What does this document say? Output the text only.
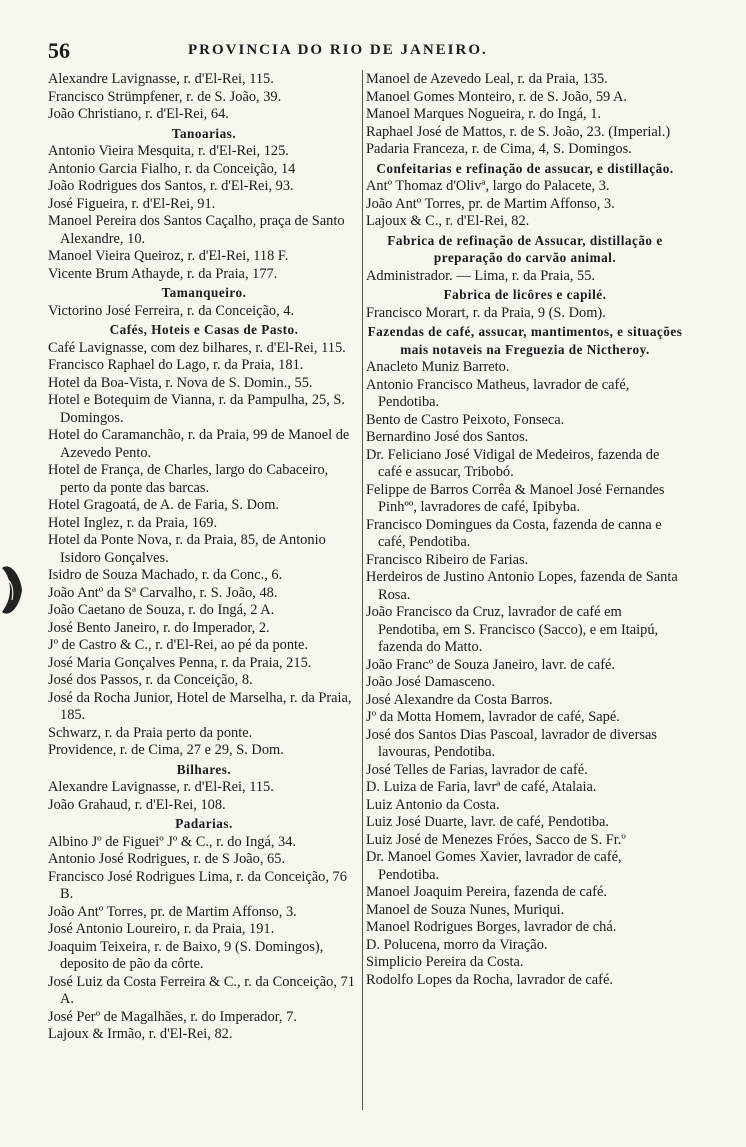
56	PROVINCIA DO RIO DE JANEIRO.
Alexandre Lavignasse, r. d'El-Rei, 115.
Francisco Strümpfener, r. de S. João, 39.
João Christiano, r. d'El-Rei, 64.
Tanoarias.
Antonio Vieira Mesquita, r. d'El-Rei, 125.
Antonio Garcia Fialho, r. da Conceição, 14
João Rodrigues dos Santos, r. d'El-Rei, 93.
José Figueira, r. d'El-Rei, 91.
Manoel Pereira dos Santos Caçalho, praça de Santo Alexandre, 10.
Manoel Vieira Queiroz, r. d'El-Rei, 118 F.
Vicente Brum Athayde, r. da Praia, 177.
Tamanqueiro.
Victorino José Ferreira, r. da Conceição, 4.
Cafés, Hoteis e Casas de Pasto.
Café Lavignasse, com dez bilhares, r. d'El-Rei, 115.
Francisco Raphael do Lago, r. da Praia, 181.
Hotel da Boa-Vista, r. Nova de S. Domin., 55.
Hotel e Botequim de Vianna, r. da Pampulha, 25, S. Domingos.
Hotel do Caramanchão, r. da Praia, 99 de Manoel de Azevedo Pento.
Hotel de França, de Charles, largo do Cabaceiro, perto da ponte das barcas.
Hotel Gragoatá, de A. de Faria, S. Dom.
Hotel Inglez, r. da Praia, 169.
Hotel da Ponte Nova, r. da Praia, 85, de Antonio Isidoro Gonçalves.
Isidro de Souza Machado, r. da Conc., 6.
João Antº da Sª Carvalho, r. S. João, 48.
João Caetano de Souza, r. do Ingá, 2 A.
José Bento Janeiro, r. do Imperador, 2.
Jº de Castro & C., r. d'El-Rei, ao pé da ponte.
José Maria Gonçalves Penna, r. da Praia, 215.
José dos Passos, r. da Conceição, 8.
José da Rocha Junior, Hotel de Marselha, r. da Praia, 185.
Schwarz, r. da Praia perto da ponte.
Providence, r. de Cima, 27 e 29, S. Dom.
Bilhares.
Alexandre Lavignasse, r. d'El-Rei, 115.
João Grahaud, r. d'El-Rei, 108.
Padarias.
Albino Jº de Figueiº Jº & C., r. do Ingá, 34.
Antonio José Rodrigues, r. de S João, 65.
Francisco José Rodrigues Lima, r. da Conceição, 76 B.
João Antº Torres, pr. de Martim Affonso, 3.
José Antonio Loureiro, r. da Praia, 191.
Joaquim Teixeira, r. de Baixo, 9 (S. Domingos), deposito de pão da côrte.
José Luiz da Costa Ferreira & C., r. da Conceição, 71 A.
José Perº de Magalhães, r. do Imperador, 7.
Lajoux & Irmão, r. d'El-Rei, 82.
Manoel de Azevedo Leal, r. da Praia, 135.
Manoel Gomes Monteiro, r. de S. João, 59 A.
Manoel Marques Nogueira, r. do Ingá, 1.
Raphael José de Mattos, r. de S. João, 23. (Imperial.)
Padaria Franceza, r. de Cima, 4, S. Domingos.
Confeitarias e refinação de assucar, e distillação.
Antº Thomaz d'Olivª, largo do Palacete, 3.
João Antº Torres, pr. de Martim Affonso, 3.
Lajoux & C., r. d'El-Rei, 82.
Fabrica de refinação de Assucar, distillação e preparação do carvão animal.
Administrador. — Lima, r. da Praia, 55.
Fabrica de licôres e capilé.
Francisco Morart, r. da Praia, 9 (S. Dom).
Fazendas de café, assucar, mantimentos, e situações mais notaveis na Freguezia de Nictheroy.
Anacleto Muniz Barreto.
Antonio Francisco Matheus, lavrador de café, Pendotiba.
Bento de Castro Peixoto, Fonseca.
Bernardino José dos Santos.
Dr. Feliciano José Vidigal de Medeiros, fazenda de café e assucar, Tribobó.
Felippe de Barros Corrêa & Manoel José Fernandes Pinhºº, lavradores de café, Ipibyba.
Francisco Domingues da Costa, fazenda de canna e café, Pendotiba.
Francisco Ribeiro de Farias.
Herdeiros de Justino Antonio Lopes, fazenda de Santa Rosa.
João Francisco da Cruz, lavrador de café em Pendotiba, em S. Francisco (Sacco), e em Itaipú, fazenda do Matto.
João Francº de Souza Janeiro, lavr. de café.
João José Damasceno.
José Alexandre da Costa Barros.
Jº da Motta Homem, lavrador de café, Sapé.
José dos Santos Dias Pascoal, lavrador de diversas lavouras, Pendotiba.
José Telles de Farias, lavrador de café.
D. Luiza de Faria, lavrª de café, Atalaia.
Luiz Antonio da Costa.
Luiz José Duarte, lavr. de café, Pendotiba.
Luiz José de Menezes Fróes, Sacco de S. Fr.º
Dr. Manoel Gomes Xavier, lavrador de café, Pendotiba.
Manoel Joaquim Pereira, fazenda de café.
Manoel de Souza Nunes, Muriqui.
Manoel Rodrigues Borges, lavrador de chá.
D. Polucena, morro da Viração.
Simplicio Pereira da Costa.
Rodolfo Lopes da Rocha, lavrador de café.
